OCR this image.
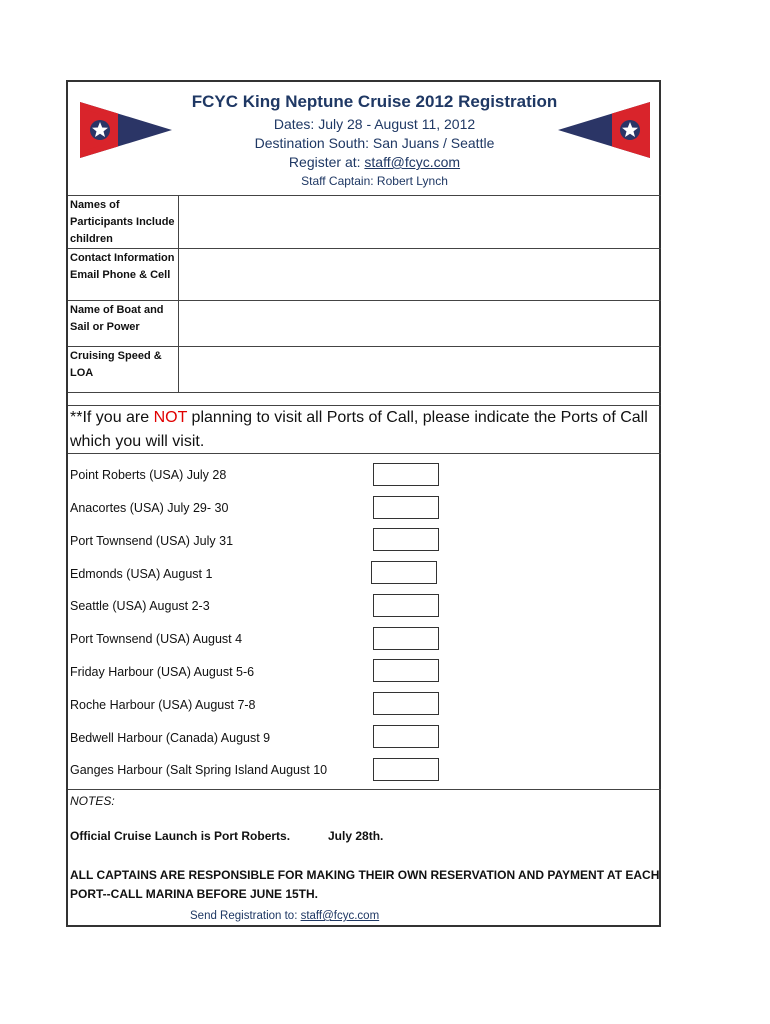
FCYC King Neptune Cruise 2012 Registration
Dates: July 28 - August 11, 2012
Destination South: San Juans / Seattle
Register at: staff@fcyc.com
Staff Captain: Robert Lynch
Names of Participants Include children
Contact Information Email Phone & Cell
Name of Boat and Sail or Power
Cruising Speed & LOA
**If you are NOT planning to visit all Ports of Call, please indicate the Ports of Call which you will visit.
Point Roberts (USA) July 28
Anacortes (USA) July 29- 30
Port Townsend (USA) July 31
Edmonds (USA) August 1
Seattle (USA) August 2-3
Port Townsend (USA) August 4
Friday Harbour (USA) August 5-6
Roche Harbour (USA) August 7-8
Bedwell Harbour (Canada) August 9
Ganges Harbour (Salt Spring Island August 10
NOTES:
Official Cruise Launch is Port Roberts.	July 28th.
ALL CAPTAINS ARE RESPONSIBLE FOR MAKING THEIR OWN RESERVATION AND PAYMENT AT EACH PORT--CALL MARINA BEFORE JUNE 15TH.
Send Registration to: staff@fcyc.com
